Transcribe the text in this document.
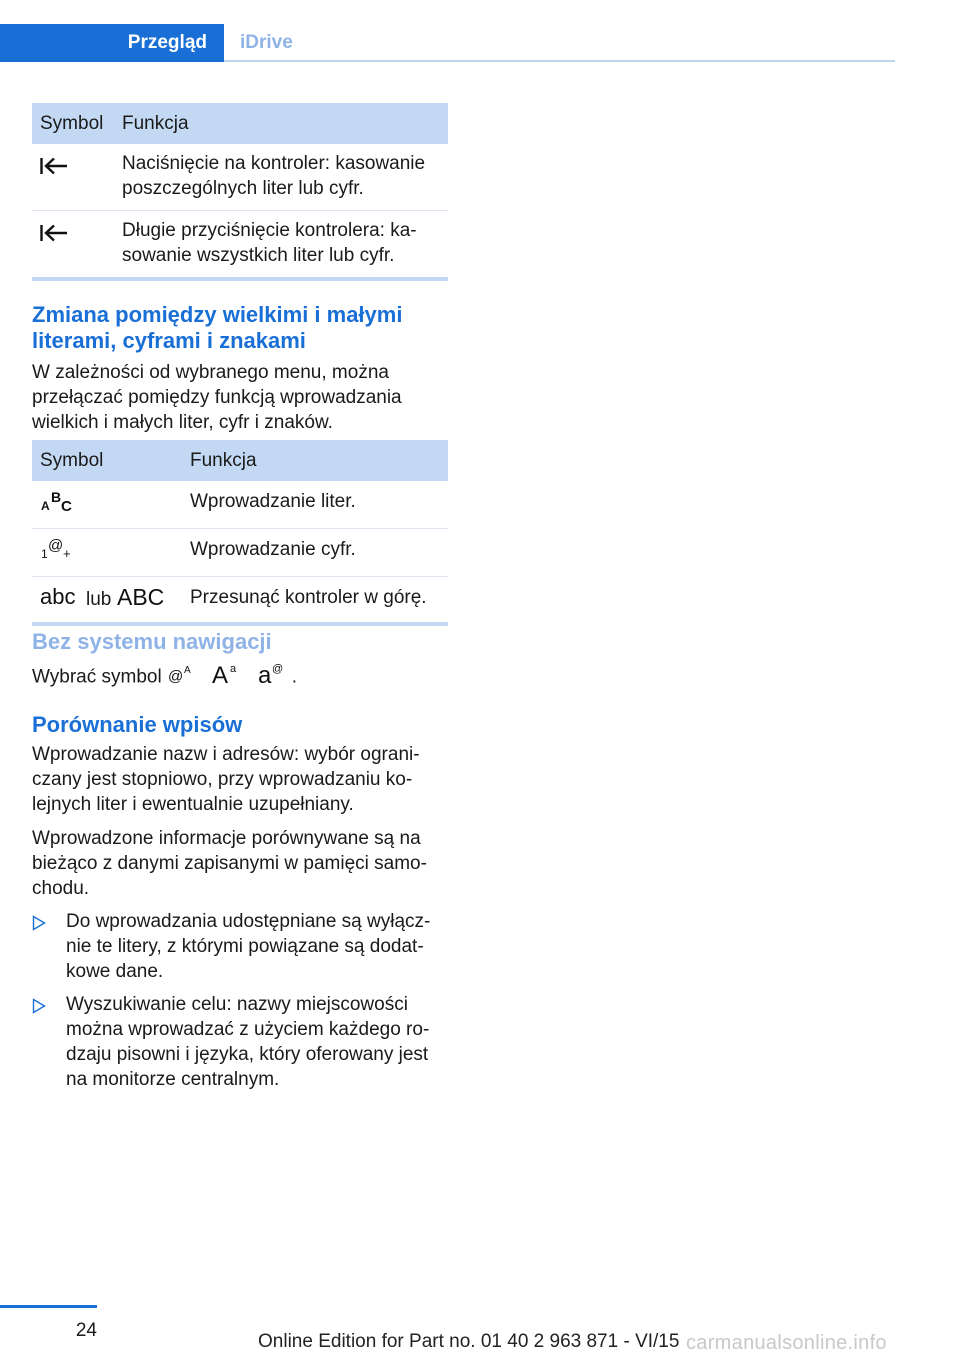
Przegląd	iDrive
Symbol	Funkcja
	Naciśnięcie na kontroler: kasowanie poszczególnych liter lub cyfr.
	Długie przyciśnięcie kontrolera: kasowanie wszystkich liter lub cyfr.
Zmiana pomiędzy wielkimi i małymi literami, cyframi i znakami

W zależności od wybranego menu, można przełączać pomiędzy funkcją wprowadzania wielkich i małych liter, cyfr i znaków.

Symbol	Funkcja

A
B
C	Wprowadzanie liter.

1 @ +	Wprowadzanie cyfr.

abc lub ABC	Przesunąć kontroler w górę.
Bez systemu nawigacji

Wybrać symbol @ A A a a @ .

Porównanie wpisów

Wprowadzanie nazw i adresów: wybór ograniczany jest stopniowo, przy wprowadzaniu kolejnych liter i ewentualnie uzupełniany.

Wprowadzone informacje porównywane są na bieżąco z danymi zapisanymi w pamięci samochodu.

Do wprowadzania udostępniane są wyłącznie te litery, z którymi powiązane są dodatkowe dane.
Wyszukiwanie celu: nazwy miejscowości można wprowadzać z użyciem każdego rodzaju pisowni i języka, który oferowany jest na monitorze centralnym.
24
Online Edition for Part no. 01 40 2 963 871 - VI/15 carmanualsonline.info
